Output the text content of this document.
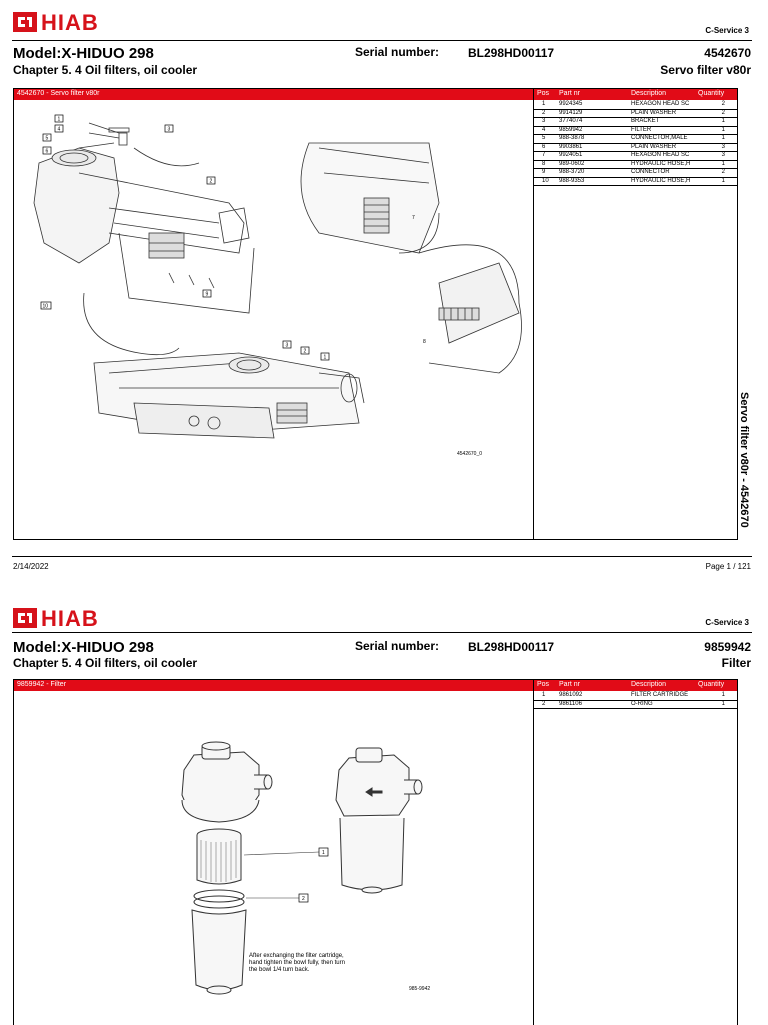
HIAB	C-Service 3
Model:X-HIDUO 298
Chapter 5. 4 Oil filters, oil cooler
Serial number: BL298HD00117	4542670
Servo filter v80r
4542670 - Servo filter v80r	Pos Part nr	Description	Quantity
1 9924345	HEXAGON HEAD SC	2
2 9914129	PLAIN WASHER	2
3 3774074	BRACKET	1
4 9859942	FILTER	1
5 988-3878	CONNECTOR,MALE	1
6 9903861	PLAIN WASHER	3
7 9924051	HEXAGON HEAD SC	3
8 989-0602	HYDRAULIC HOSE,H	1
9 988-3720	CONNECTOR	2
10 988-9353	HYDRAULIC HOSE,H	1
1
4
5
6
3
2
10
9
7
8
1
2
3
4542670_0	Servo filter v80r - 4542670
2/14/2022	Page 1 / 121
HIAB	C-Service 3
Model:X-HIDUO 298
Chapter 5. 4 Oil filters, oil cooler
Serial number: BL298HD00117	9859942
Filter
9859942 - Filter	Pos Part nr	Description	Quantity
1 9861092	FILTER CARTRIDGE	1
2 9861106	O-RING	1
1
2
After exchanging the filter cartridge,
hand tighten the bowl fully, then turn
the bowl 1/4 turn back.
985-9942
